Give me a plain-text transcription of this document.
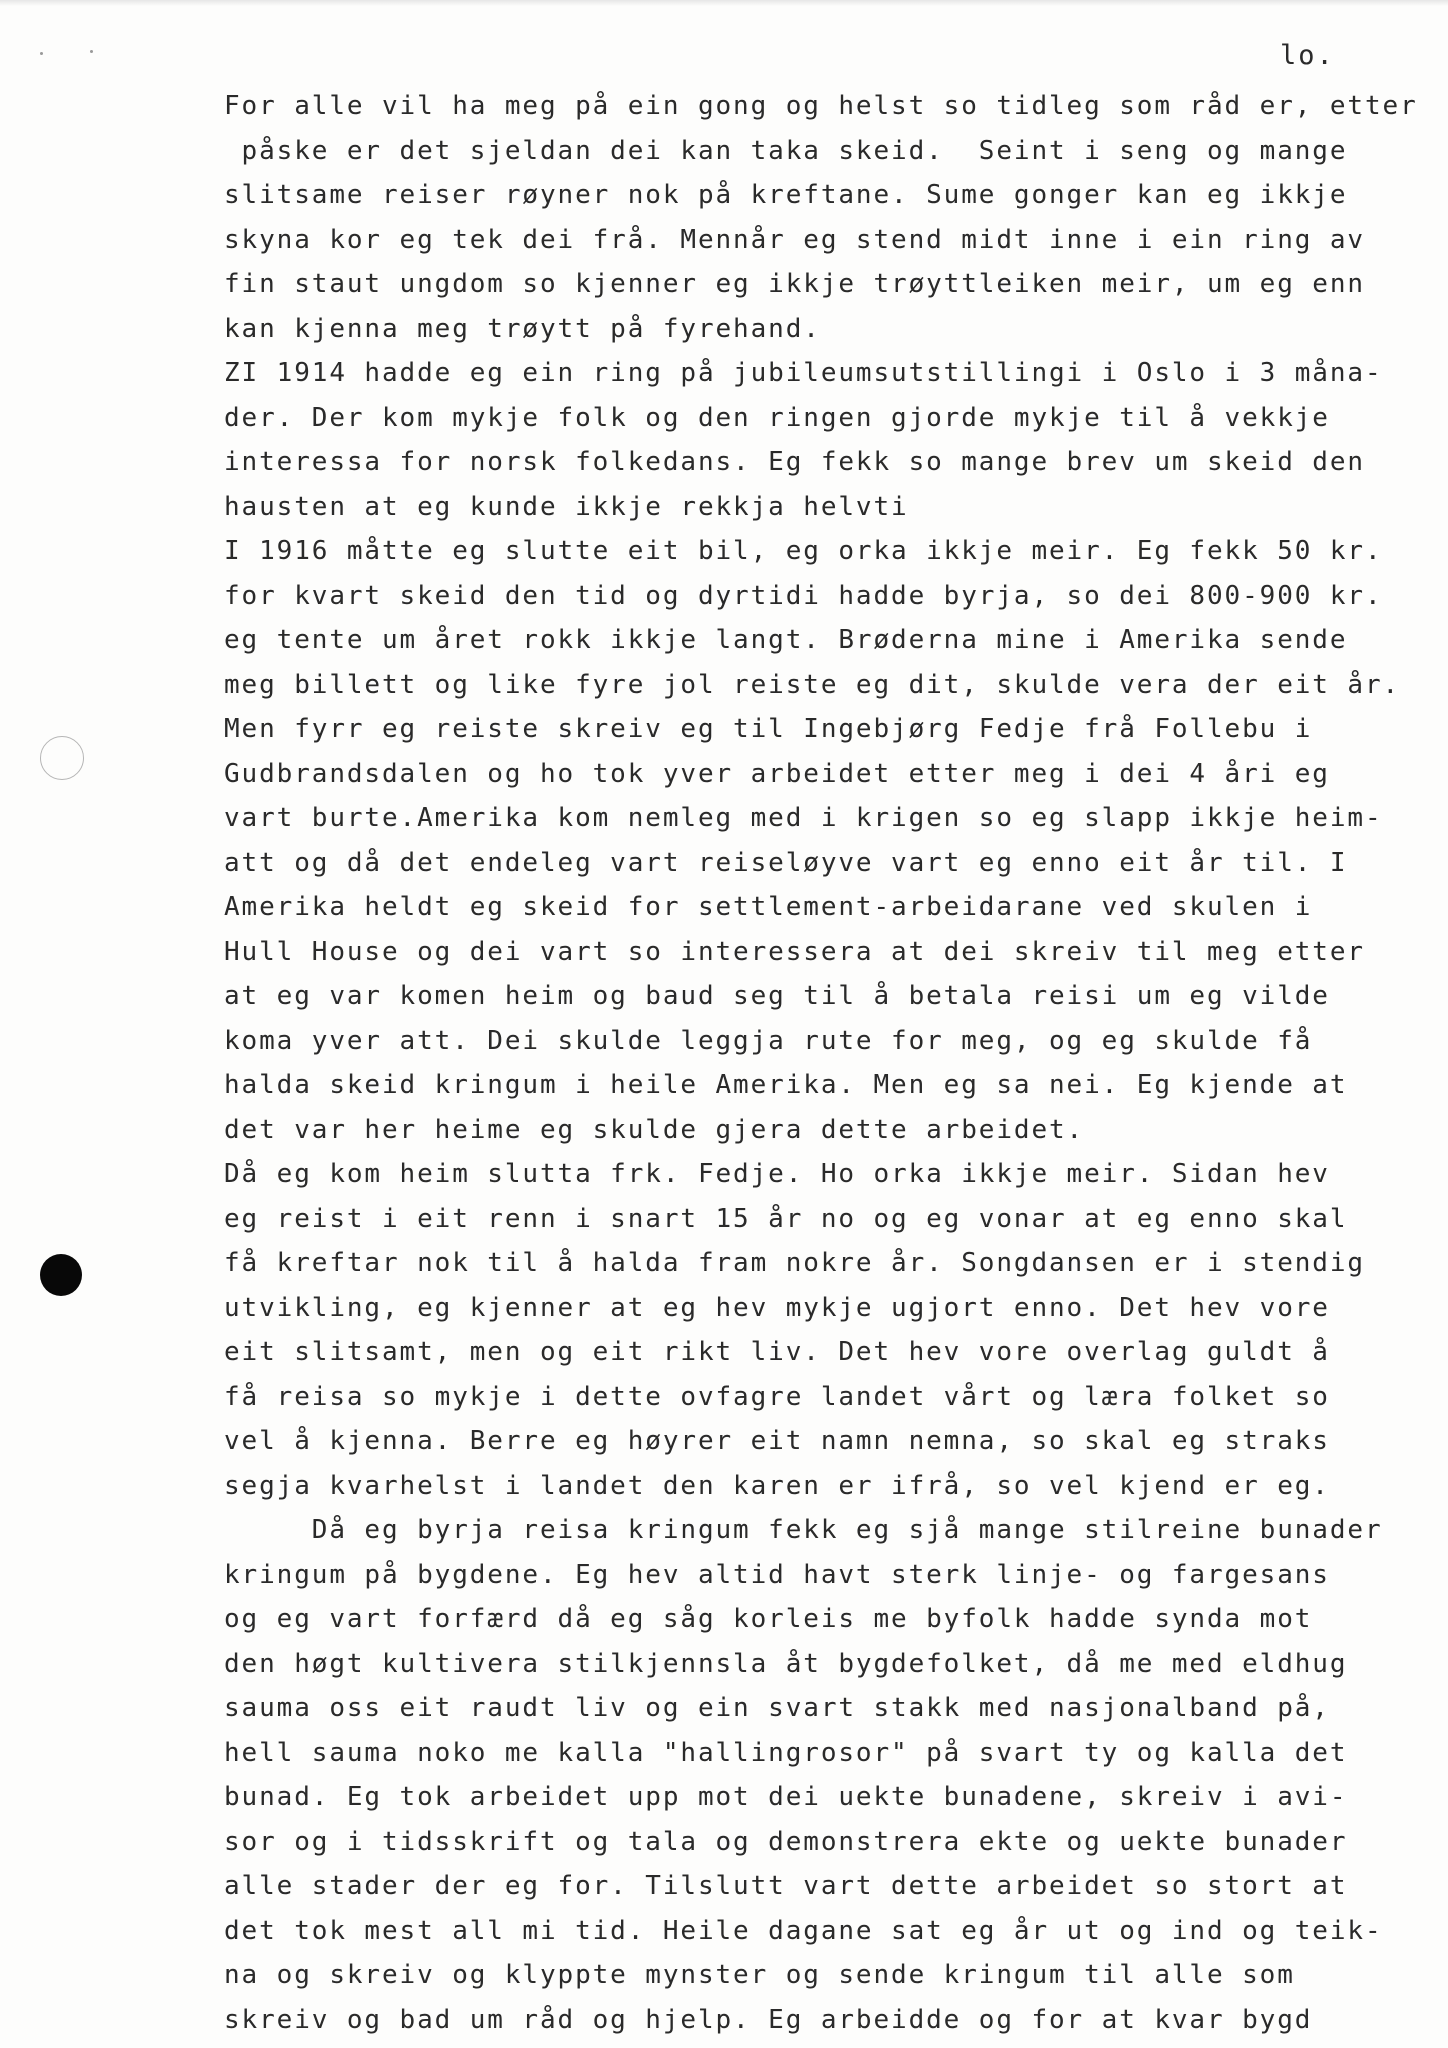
lo.
For alle vil ha meg på ein gong og helst so tidleg som råd er, etter
påske er det sjeldan dei kan taka skeid.  Seint i seng og mange
slitsame reiser røyner nok på kreftane. Sume gonger kan eg ikkje
skyna kor eg tek dei frå. Mennår eg stend midt inne i ein ring av
fin staut ungdom so kjenner eg ikkje trøyttleiken meir, um eg enn
kan kjenna meg trøytt på fyrehand.
ZI 1914 hadde eg ein ring på jubileumsutstillingi i Oslo i 3 måna-
der. Der kom mykje folk og den ringen gjorde mykje til å vekkje
interessa for norsk folkedans. Eg fekk so mange brev um skeid den
hausten at eg kunde ikkje rekkja helvti
I 1916 måtte eg slutte eit bil, eg orka ikkje meir. Eg fekk 50 kr.
for kvart skeid den tid og dyrtidi hadde byrja, so dei 800-900 kr.
eg tente um året rokk ikkje langt. Brøderna mine i Amerika sende
meg billett og like fyre jol reiste eg dit, skulde vera der eit år.
Men fyrr eg reiste skreiv eg til Ingebjørg Fedje frå Follebu i
Gudbrandsdalen og ho tok yver arbeidet etter meg i dei 4 åri eg
vart burte.Amerika kom nemleg med i krigen so eg slapp ikkje heim-
att og då det endeleg vart reiseløyve vart eg enno eit år til. I
Amerika heldt eg skeid for settlement-arbeidarane ved skulen i
Hull House og dei vart so interessera at dei skreiv til meg etter
at eg var komen heim og baud seg til å betala reisi um eg vilde
koma yver att. Dei skulde leggja rute for meg, og eg skulde få
halda skeid kringum i heile Amerika. Men eg sa nei. Eg kjende at
det var her heime eg skulde gjera dette arbeidet.
Då eg kom heim slutta frk. Fedje. Ho orka ikkje meir. Sidan hev
eg reist i eit renn i snart 15 år no og eg vonar at eg enno skal
få kreftar nok til å halda fram nokre år. Songdansen er i stendig
utvikling, eg kjenner at eg hev mykje ugjort enno. Det hev vore
eit slitsamt, men og eit rikt liv. Det hev vore overlag guldt å
få reisa so mykje i dette ovfagre landet vårt og læra folket so
vel å kjenna. Berre eg høyrer eit namn nemna, so skal eg straks
segja kvarhelst i landet den karen er ifrå, so vel kjend er eg.
Då eg byrja reisa kringum fekk eg sjå mange stilreine bunader
kringum på bygdene. Eg hev altid havt sterk linje- og fargesans
og eg vart forfærd då eg såg korleis me byfolk hadde synda mot
den høgt kultivera stilkjennsla åt bygdefolket, då me med eldhug
sauma oss eit raudt liv og ein svart stakk med nasjonalband på,
hell sauma noko me kalla "hallingrosor" på svart ty og kalla det
bunad. Eg tok arbeidet upp mot dei uekte bunadene, skreiv i avi-
sor og i tidsskrift og tala og demonstrera ekte og uekte bunader
alle stader der eg for. Tilslutt vart dette arbeidet so stort at
det tok mest all mi tid. Heile dagane sat eg år ut og ind og teik-
na og skreiv og klyppte mynster og sende kringum til alle som
skreiv og bad um råd og hjelp. Eg arbeidde og for at kvar bygd
